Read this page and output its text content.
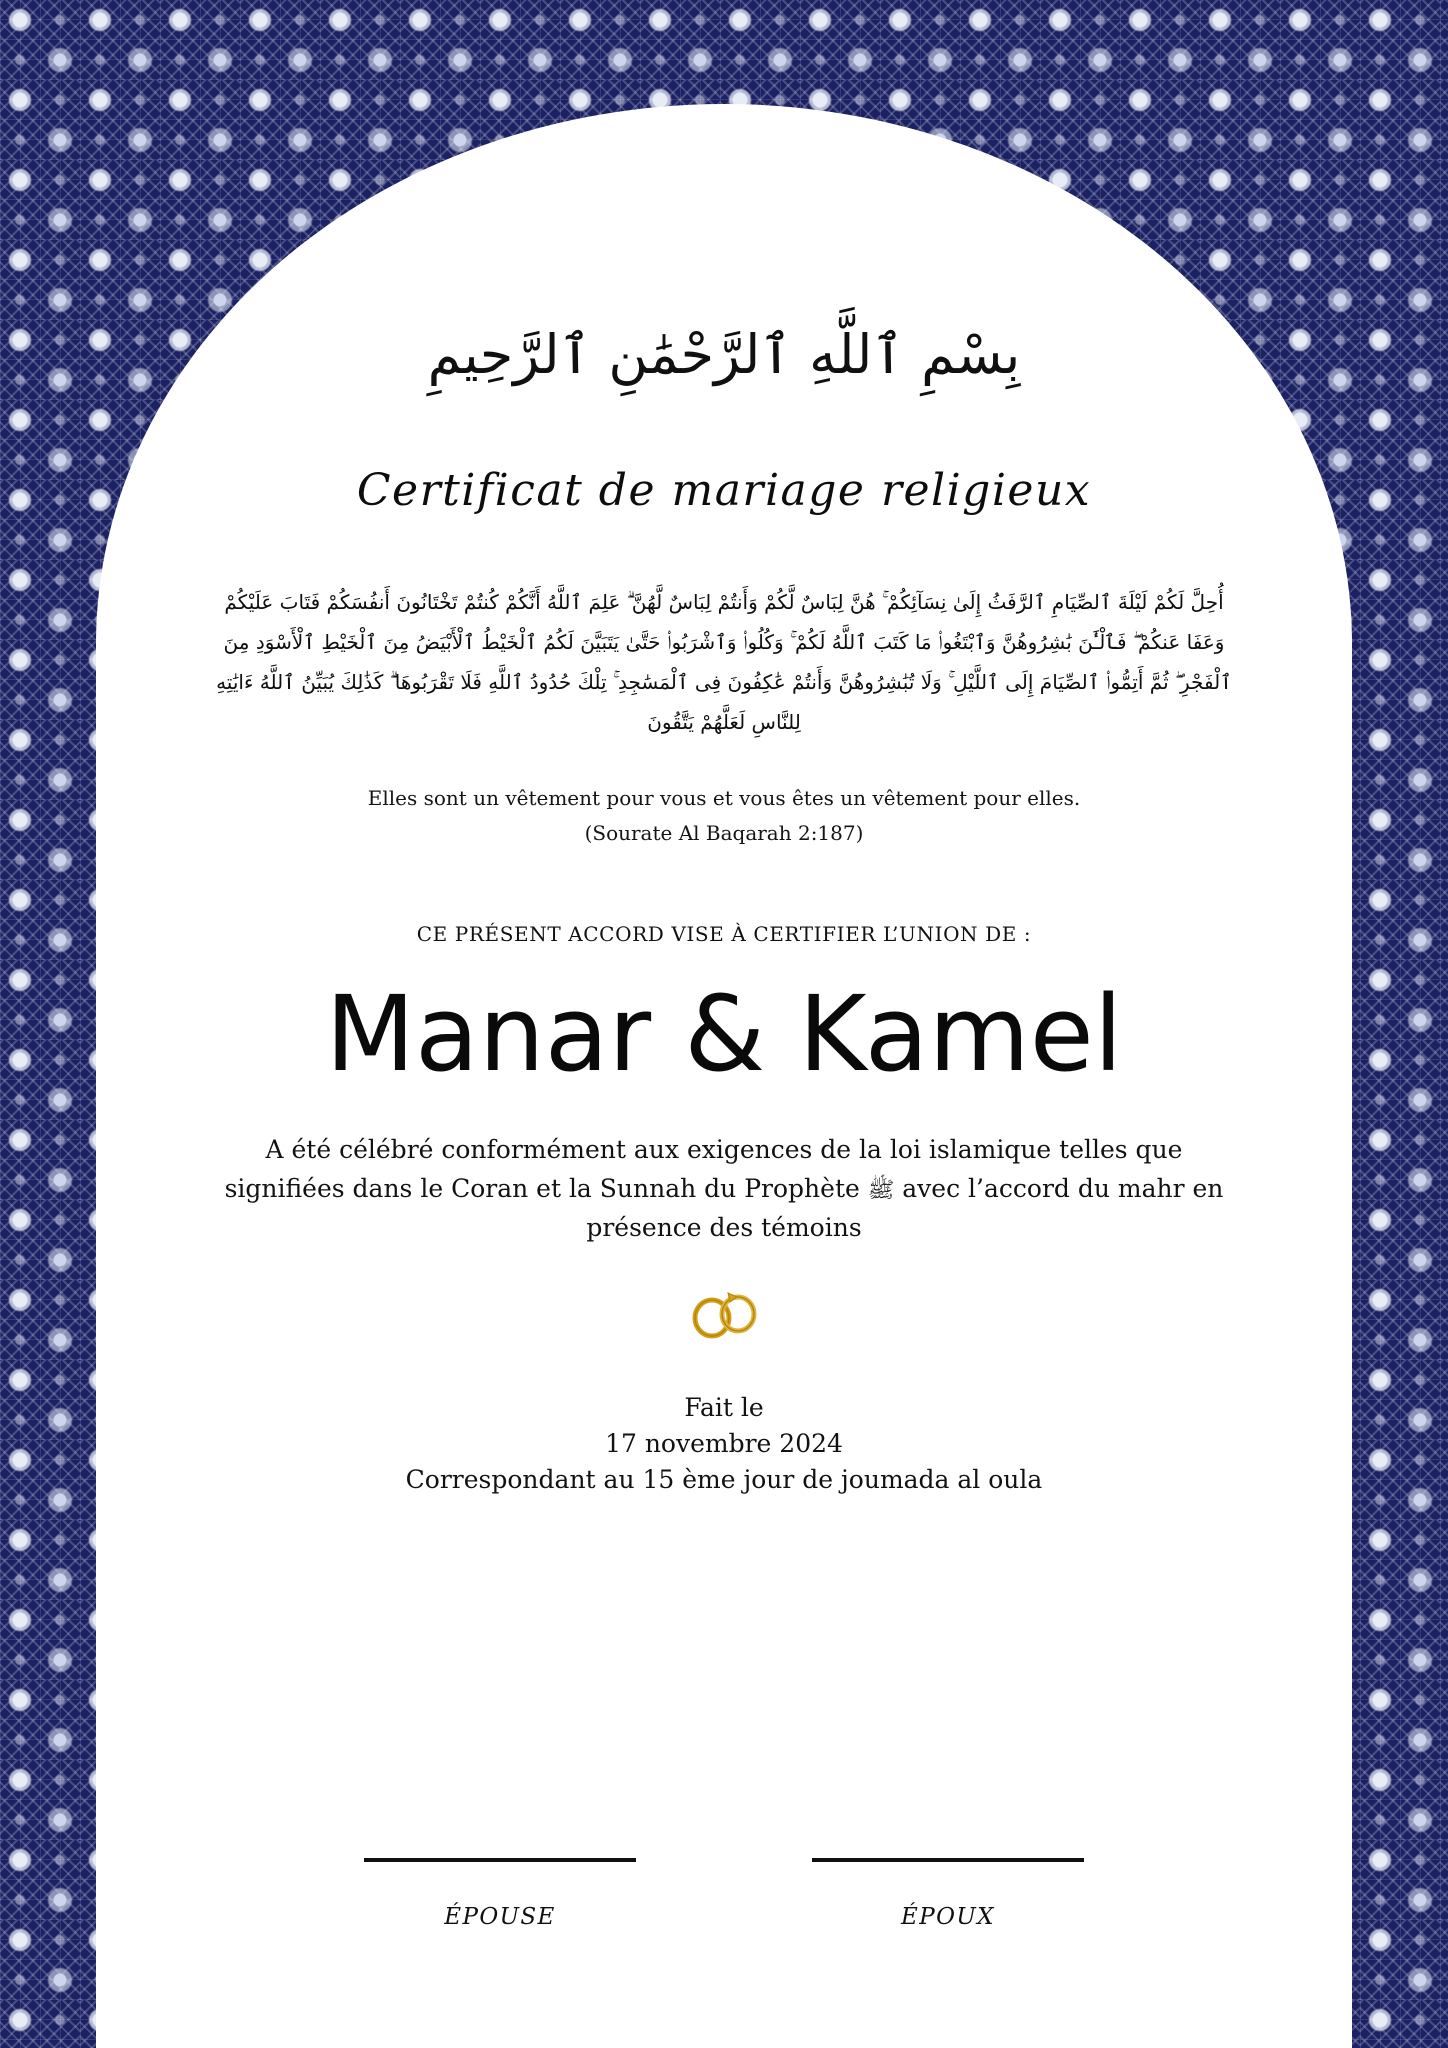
بِسْمِ ٱللَّهِ ٱلرَّحْمَٰنِ ٱلرَّحِيمِ
Certificat de mariage religieux
أُحِلَّ لَكُمْ لَيْلَةَ ٱلصِّيَامِ ٱلرَّفَثُ إِلَىٰ نِسَآئِكُمْ ۚ هُنَّ لِبَاسٌ لَّكُمْ وَأَنتُمْ لِبَاسٌ لَّهُنَّ ۗ عَلِمَ ٱللَّهُ أَنَّكُمْ كُنتُمْ تَخْتَانُونَ أَنفُسَكُمْ فَتَابَ عَلَيْكُمْ وَعَفَا عَنكُمْ ۖ فَٱلْـَٰٔنَ بَٰشِرُوهُنَّ وَٱبْتَغُوا۟ مَا كَتَبَ ٱللَّهُ لَكُمْ ۚ وَكُلُوا۟ وَٱشْرَبُوا۟ حَتَّىٰ يَتَبَيَّنَ لَكُمُ ٱلْخَيْطُ ٱلْأَبْيَضُ مِنَ ٱلْخَيْطِ ٱلْأَسْوَدِ مِنَ ٱلْفَجْرِ ۖ ثُمَّ أَتِمُّوا۟ ٱلصِّيَامَ إِلَى ٱللَّيْلِ ۚ وَلَا تُبَٰشِرُوهُنَّ وَأَنتُمْ عَٰكِفُونَ فِى ٱلْمَسَٰجِدِ ۚ تِلْكَ حُدُودُ ٱللَّهِ فَلَا تَقْرَبُوهَا ۗ كَذَٰلِكَ يُبَيِّنُ ٱللَّهُ ءَايَٰتِهِ لِلنَّاسِ لَعَلَّهُمْ يَتَّقُونَ
Elles sont un vêtement pour vous et vous êtes un vêtement pour elles.
(Sourate Al Baqarah 2:187)
CE PRÉSENT ACCORD VISE À CERTIFIER L’UNION DE :
Manar & Kamel
A été célébré conformément aux exigences de la loi islamique telles que signifiées dans le Coran et la Sunnah du Prophète ﷺ avec l’accord du mahr en présence des témoins
Fait le
17 novembre 2024
Correspondant au 15 ème jour de joumada al oula
ÉPOUSE	ÉPOUX
